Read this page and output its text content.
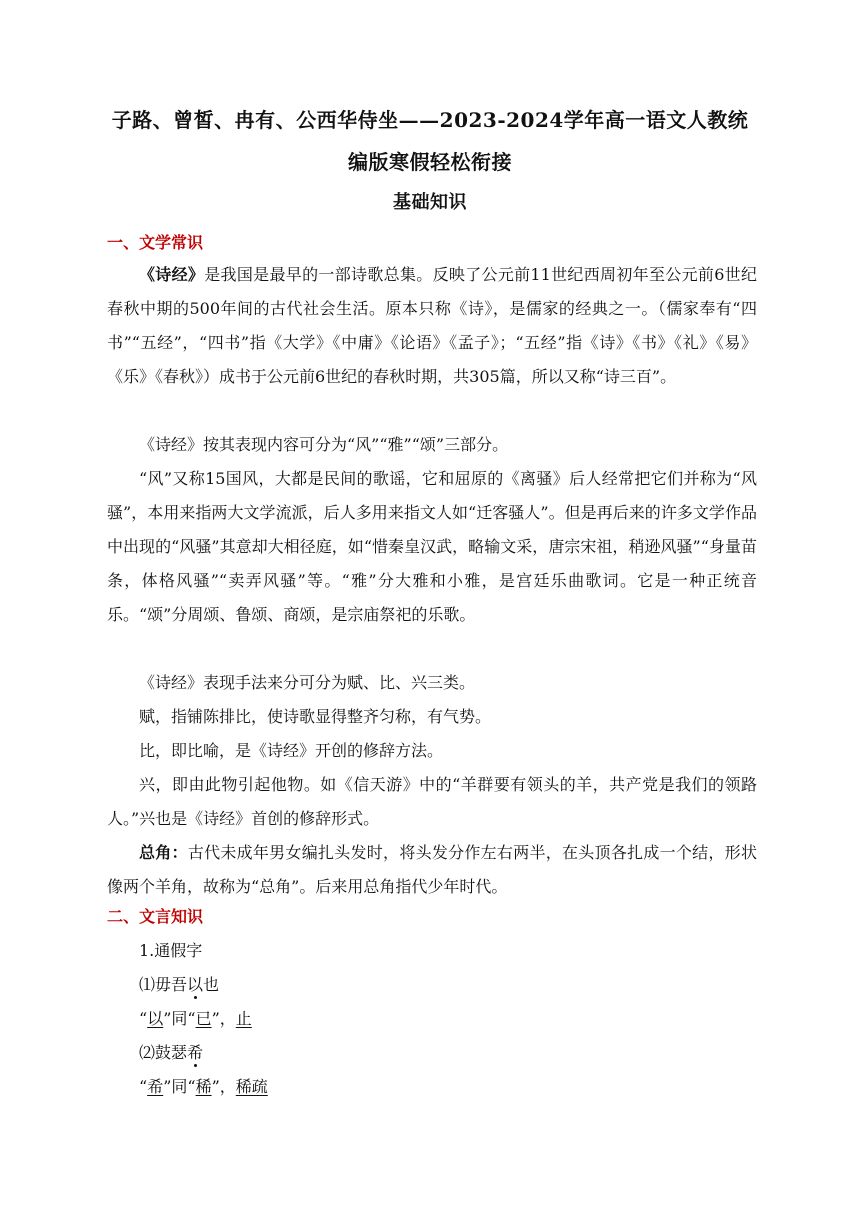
子路、曾皙、冉有、公西华侍坐——2023-2024学年高一语文人教统
编版寒假轻松衔接
基础知识
一、文学常识
《诗经》是我国是最早的一部诗歌总集。反映了公元前11世纪西周初年至公元前6世纪春秋中期的500年间的古代社会生活。原本只称《诗》，是儒家的经典之一。（儒家奉有“四书”“五经”，“四书”指《大学》《中庸》《论语》《孟子》；“五经”指《诗》《书》《礼》《易》《乐》《春秋》）成书于公元前6世纪的春秋时期，共305篇，所以又称“诗三百”。
《诗经》按其表现内容可分为“风”“雅”“颂”三部分。
“风”又称15国风，大都是民间的歌谣，它和屈原的《离骚》后人经常把它们并称为“风骚”，本用来指两大文学流派，后人多用来指文人如“迁客骚人”。但是再后来的许多文学作品中出现的“风骚”其意却大相径庭，如“惜秦皇汉武，略输文采，唐宗宋祖，稍逊风骚”“身量苗条，体格风骚”“卖弄风骚”等。“雅”分大雅和小雅，是宫廷乐曲歌词。它是一种正统音乐。“颂”分周颂、鲁颂、商颂，是宗庙祭祀的乐歌。
《诗经》表现手法来分可分为赋、比、兴三类。
赋，指铺陈排比，使诗歌显得整齐匀称，有气势。
比，即比喻，是《诗经》开创的修辞方法。
兴，即由此物引起他物。如《信天游》中的“羊群要有领头的羊，共产党是我们的领路人。”兴也是《诗经》首创的修辞形式。
总角：古代未成年男女编扎头发时，将头发分作左右两半，在头顶各扎成一个结，形状像两个羊角，故称为“总角”。后来用总角指代少年时代。
二、文言知识
1.通假字
⑴毋吾以也
“以”同“已”，止
⑵鼓瑟希
“希”同“稀”，稀疏
